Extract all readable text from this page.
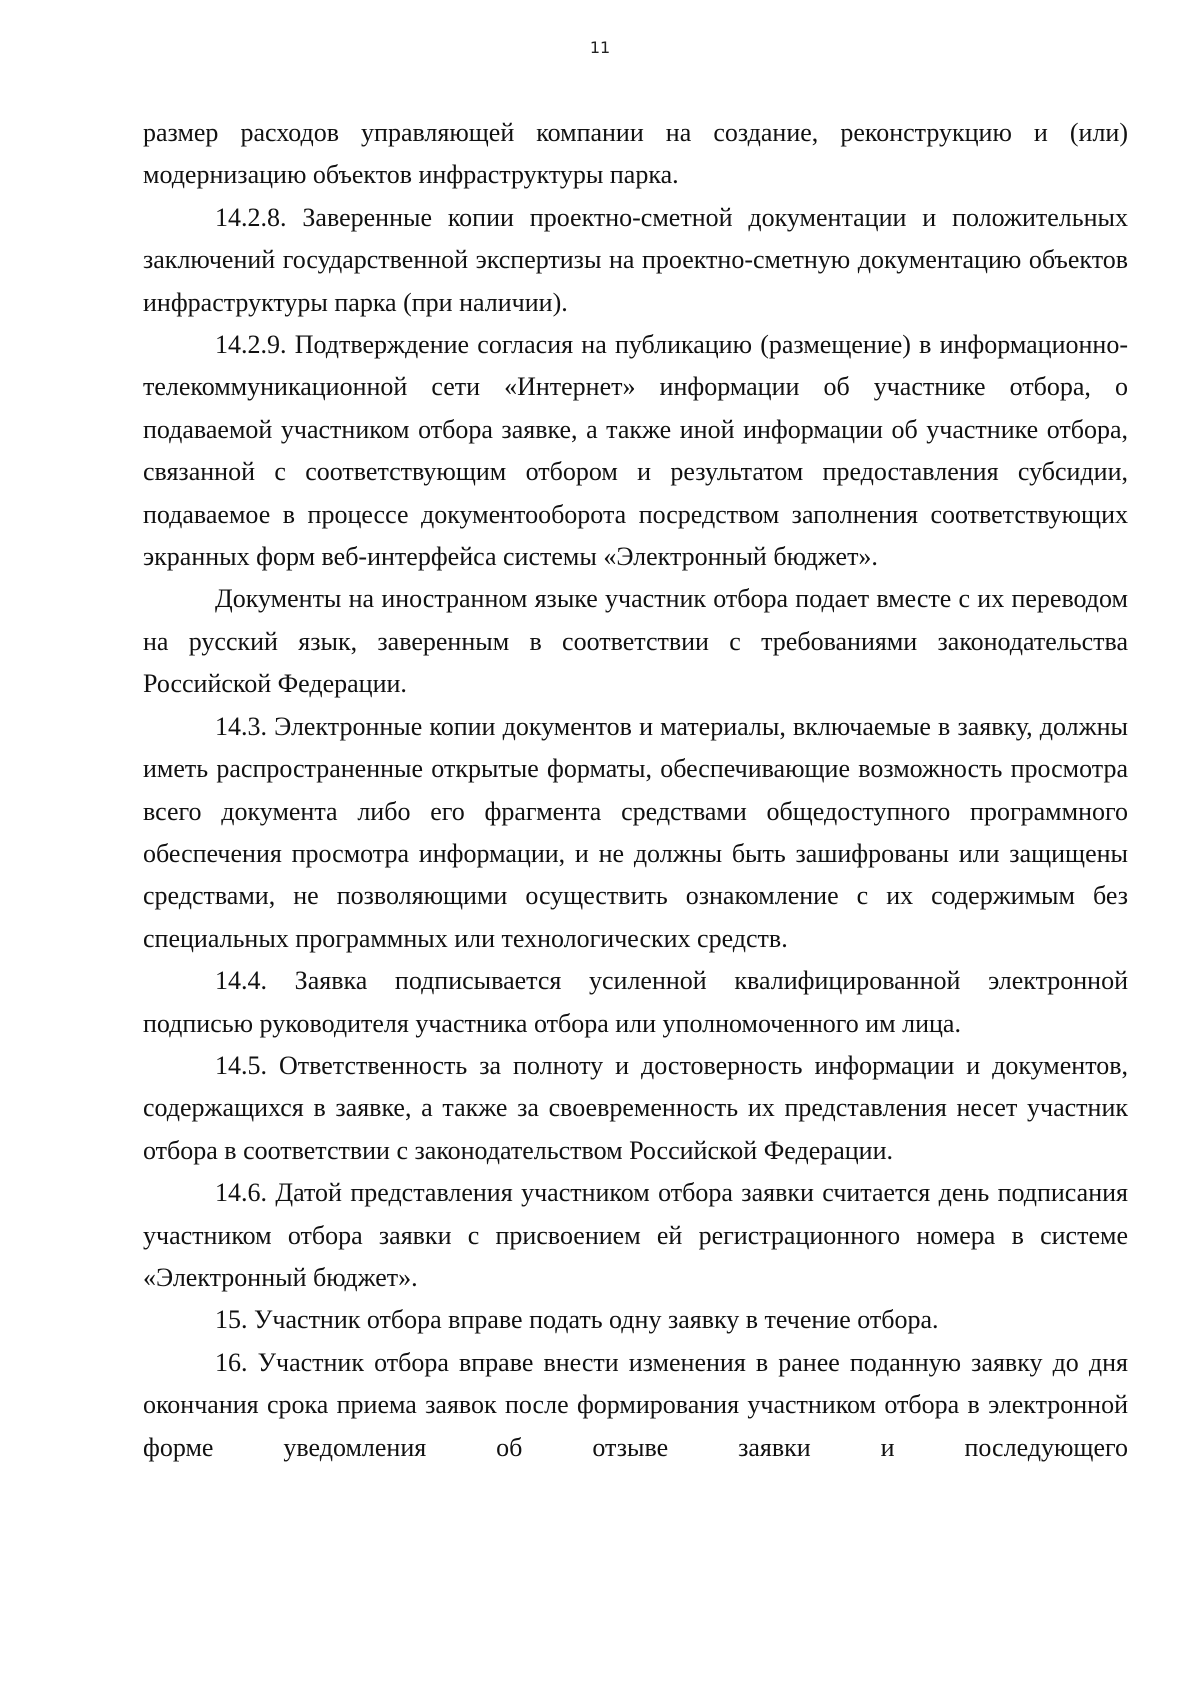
11

размер расходов управляющей компании на создание, реконструкцию и (или) модернизацию объектов инфраструктуры парка.

14.2.8. Заверенные копии проектно-сметной документации и положительных заключений государственной экспертизы на проектно-сметную документацию объектов инфраструктуры парка (при наличии).

14.2.9. Подтверждение согласия на публикацию (размещение) в информационно-телекоммуникационной сети «Интернет» информации об участнике отбора, о подаваемой участником отбора заявке, а также иной информации об участнике отбора, связанной с соответствующим отбором и результатом предоставления субсидии, подаваемое в процессе документооборота посредством заполнения соответствующих экранных форм веб-интерфейса системы «Электронный бюджет».

Документы на иностранном языке участник отбора подает вместе с их переводом на русский язык, заверенным в соответствии с требованиями законодательства Российской Федерации.

14.3. Электронные копии документов и материалы, включаемые в заявку, должны иметь распространенные открытые форматы, обеспечивающие возможность просмотра всего документа либо его фрагмента средствами общедоступного программного обеспечения просмотра информации, и не должны быть зашифрованы или защищены средствами, не позволяющими осуществить ознакомление с их содержимым без специальных программных или технологических средств.

14.4. Заявка подписывается усиленной квалифицированной электронной подписью руководителя участника отбора или уполномоченного им лица.

14.5. Ответственность за полноту и достоверность информации и документов, содержащихся в заявке, а также за своевременность их представления несет участник отбора в соответствии с законодательством Российской Федерации.

14.6. Датой представления участником отбора заявки считается день подписания участником отбора заявки с присвоением ей регистрационного номера в системе «Электронный бюджет».

15. Участник отбора вправе подать одну заявку в течение отбора.

16. Участник отбора вправе внести изменения в ранее поданную заявку до дня окончания срока приема заявок после формирования участником отбора в электронной форме уведомления об отзыве заявки и последующего
